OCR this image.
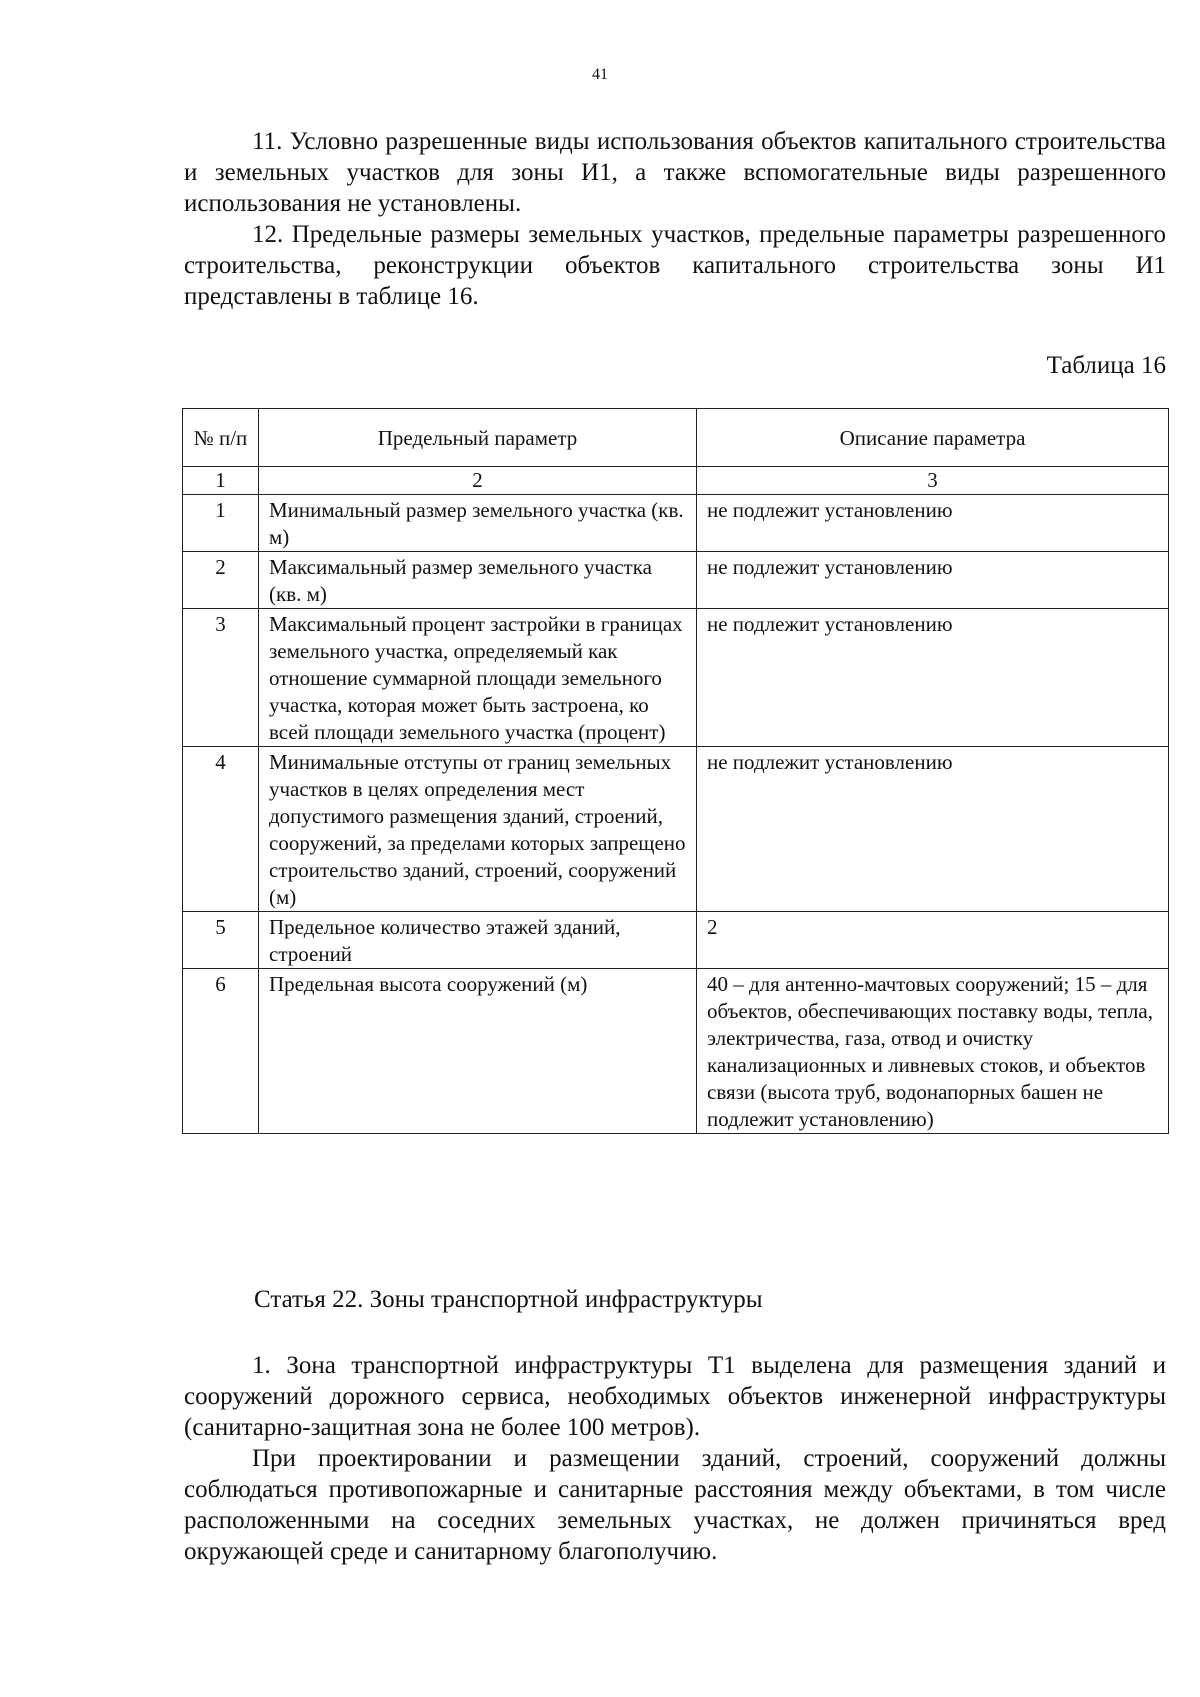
41

11. Условно разрешенные виды использования объектов капитального строительства и земельных участков для зоны И1, а также вспомогательные виды разрешенного использования не установлены.

12. Предельные размеры земельных участков, предельные параметры разрешенного строительства, реконструкции объектов капитального строительства зоны И1 представлены в таблице 16.

Таблица 16
№ п/п	Предельный параметр	Описание параметра
1	2	3
1	Минимальный размер земельного участка (кв. м)	не подлежит установлению
2	Максимальный размер земельного участка (кв. м)	не подлежит установлению
3	Максимальный процент застройки в границах земельного участка, определяемый как отношение суммарной площади земельного участка, которая может быть застроена, ко всей площади земельного участка (процент)	не подлежит установлению
4	Минимальные отступы от границ земельных участков в целях определения мест допустимого размещения зданий, строений, сооружений, за пределами которых запрещено строительство зданий, строений, сооружений (м)	не подлежит установлению
5	Предельное количество этажей зданий, строений	2
6	Предельная высота сооружений (м)	40 – для антенно-мачтовых сооружений; 15 – для объектов, обеспечивающих поставку воды, тепла, электричества, газа, отвод и очистку канализационных и ливневых стоков, и объектов связи (высота труб, водонапорных башен не подлежит установлению)
Статья 22. Зоны транспортной инфраструктуры

1. Зона транспортной инфраструктуры Т1 выделена для размещения зданий и сооружений дорожного сервиса, необходимых объектов инженерной инфраструктуры (санитарно-защитная зона не более 100 метров).

При проектировании и размещении зданий, строений, сооружений должны соблюдаться противопожарные и санитарные расстояния между объектами, в том числе расположенными на соседних земельных участках, не должен причиняться вред окружающей среде и санитарному благополучию.
